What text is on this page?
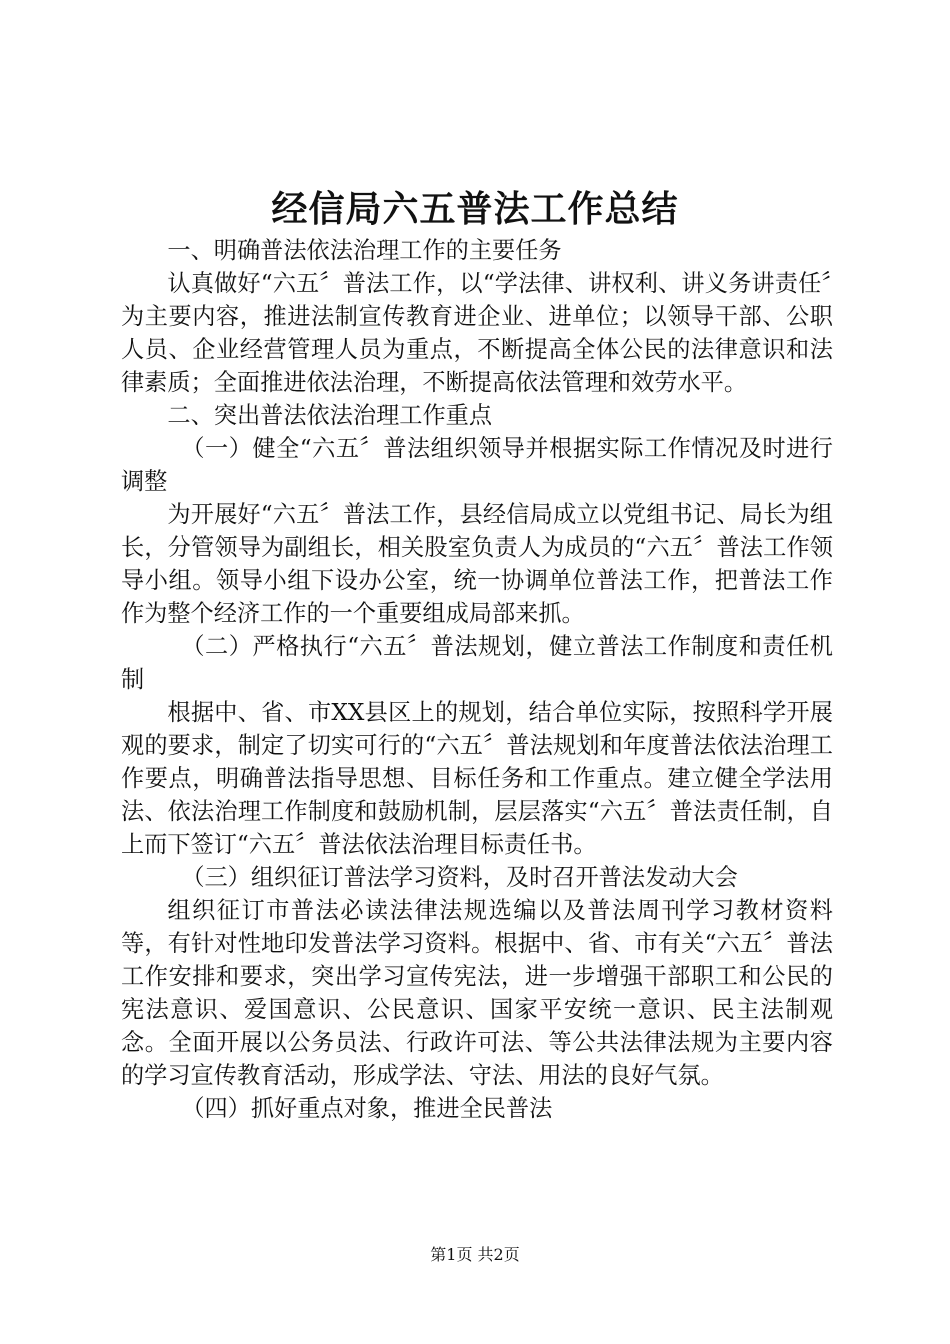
经信局六五普法工作总结

一、明确普法依法治理工作的主要任务

认真做好“六五〞普法工作，以“学法律、讲权利、讲义务讲责任〞为主要内容，推进法制宣传教育进企业、进单位；以领导干部、公职人员、企业经营管理人员为重点，不断提高全体公民的法律意识和法律素质；全面推进依法治理，不断提高依法管理和效劳水平。

二、突出普法依法治理工作重点

（一）健全“六五〞普法组织领导并根据实际工作情况及时进行调整

为开展好“六五〞普法工作，县经信局成立以党组书记、局长为组长，分管领导为副组长，相关股室负责人为成员的“六五〞普法工作领导小组。领导小组下设办公室，统一协调单位普法工作，把普法工作作为整个经济工作的一个重要组成局部来抓。

（二）严格执行“六五〞普法规划，健立普法工作制度和责任机制

根据中、省、市XX县区上的规划，结合单位实际，按照科学开展观的要求，制定了切实可行的“六五〞普法规划和年度普法依法治理工作要点，明确普法指导思想、目标任务和工作重点。建立健全学法用法、依法治理工作制度和鼓励机制，层层落实“六五〞普法责任制，自上而下签订“六五〞普法依法治理目标责任书。

（三）组织征订普法学习资料，及时召开普法发动大会

组织征订市普法必读法律法规选编以及普法周刊学习教材资料等，有针对性地印发普法学习资料。根据中、省、市有关“六五〞普法工作安排和要求，突出学习宣传宪法，进一步增强干部职工和公民的宪法意识、爱国意识、公民意识、国家平安统一意识、民主法制观念。全面开展以公务员法、行政许可法、等公共法律法规为主要内容的学习宣传教育活动，形成学法、守法、用法的良好气氛。

（四）抓好重点对象，推进全民普法

第1页 共2页
